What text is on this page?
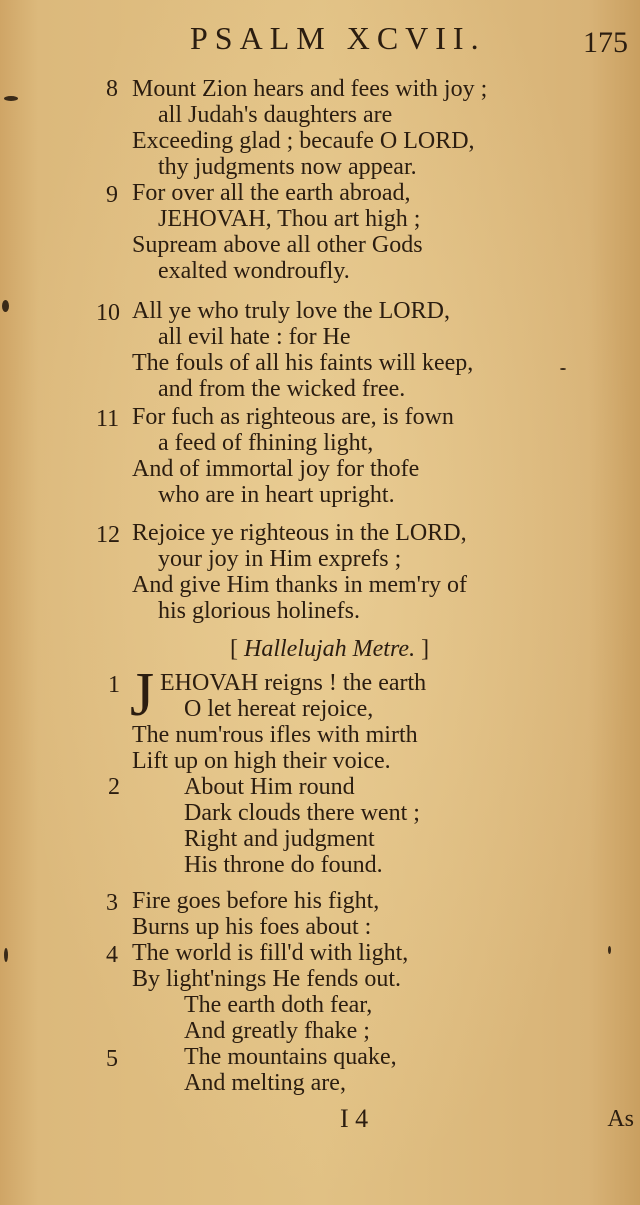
PSALM XCVII.	175
8 Mount Zion hears and fees with joy ;
all Judah's daughters are
Exceeding glad ; becaufe O LORD,
thy judgments now appear.
9 For over all the earth abroad,
JEHOVAH, Thou art high ;
Supream above all other Gods
exalted wondroufly.
10 All ye who truly love the LORD,
all evil hate : for He
The fouls of all his faints will keep,
and from the wicked free.
11 For fuch as righteous are, is fown
a feed of fhining light,
And of immortal joy for thofe
who are in heart upright.
12 Rejoice ye righteous in the LORD,
your joy in Him exprefs ;
And give Him thanks in mem'ry of
his glorious holinefs.
[ Hallelujah Metre. ]
J
1 EHOVAH reigns ! the earth
O let hereat rejoice,
The num'rous ifles with mirth
Lift up on high their voice.
2	About Him round
Dark clouds there went ;
Right and judgment
His throne do found.
3 Fire goes before his fight,
Burns up his foes about :
4 The world is fill'd with light,
By light'nings He fends out.
The earth doth fear,
And greatly fhake ;
5	The mountains quake,
And melting are,
I 4	As
